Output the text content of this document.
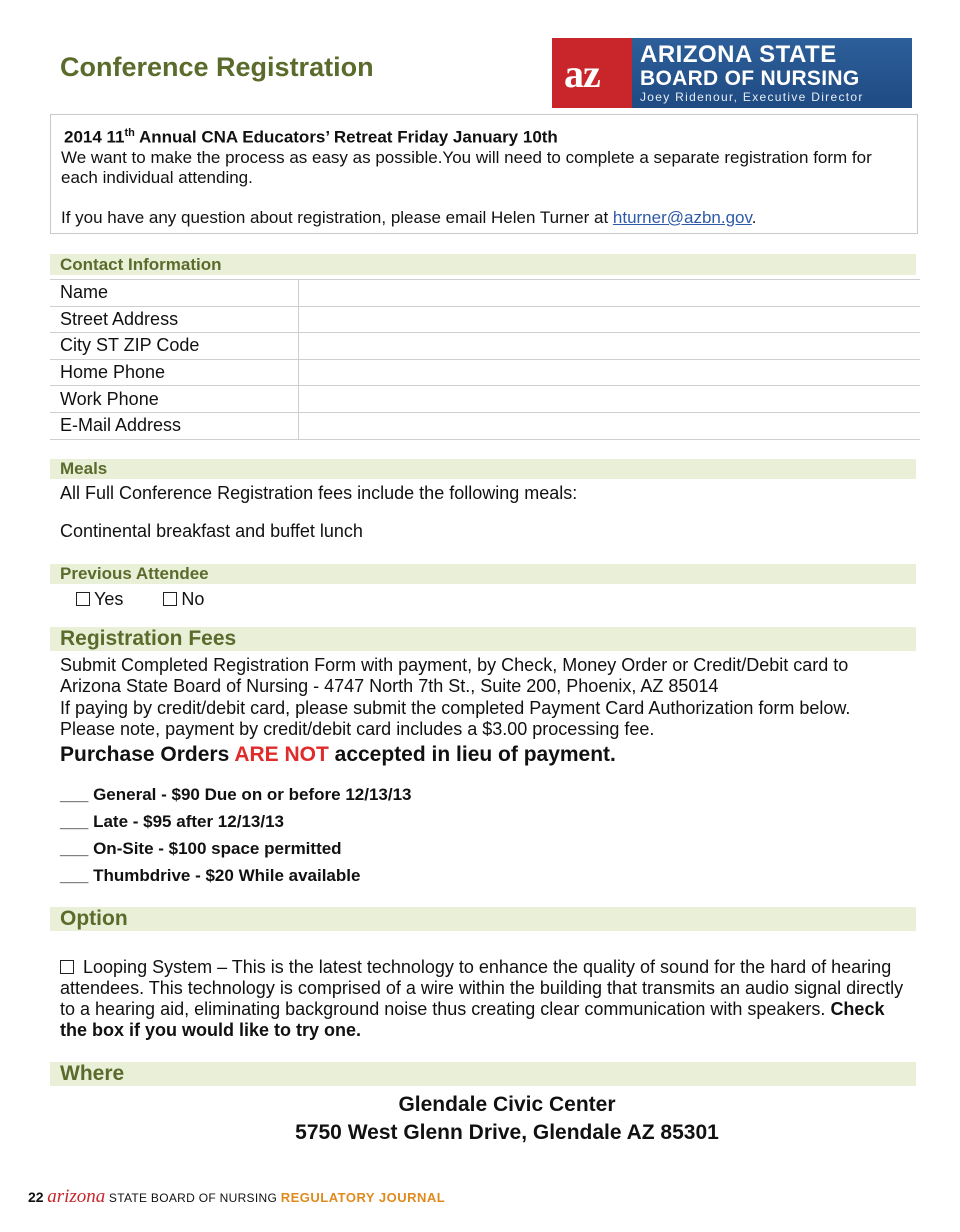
Conference Registration	az ARIZONA STATE
BOARD OF NURSING
Joey Ridenour, Executive Director
2014 11th Annual CNA Educators’ Retreat Friday January 10th

We want to make the process as easy as possible.You will need to complete a separate registration form for each individual attending.

If you have any question about registration, please email Helen Turner at hturner@azbn.gov.

Contact Information
Name	
Street Address	
City ST ZIP Code	
Home Phone	
Work Phone	
E-Mail Address	
Meals
All Full Conference Registration fees include the following meals:
Continental breakfast and buffet lunch
Previous Attendee
Yes	No
Registration Fees
Submit Completed Registration Form with payment, by Check, Money Order or Credit/Debit card to Arizona State Board of Nursing - 4747 North 7th St., Suite 200, Phoenix, AZ 85014
If paying by credit/debit card, please submit the completed Payment Card Authorization form below. Please note, payment by credit/debit card includes a $3.00 processing fee.
Purchase Orders ARE NOT accepted in lieu of payment.
___ General - $90 Due on or before 12/13/13
___ Late - $95 after 12/13/13
___ On-Site - $100 space permitted
___ Thumbdrive - $20 While available
Option
Looping System – This is the latest technology to enhance the quality of sound for the hard of hearing attendees. This technology is comprised of a wire within the building that transmits an audio signal directly to a hearing aid, eliminating background noise thus creating clear communication with speakers. Check the box if you would like to try one.
Where
Glendale Civic Center
5750 West Glenn Drive, Glendale AZ 85301
22 arizona STATE BOARD OF NURSING REGULATORY JOURNAL
